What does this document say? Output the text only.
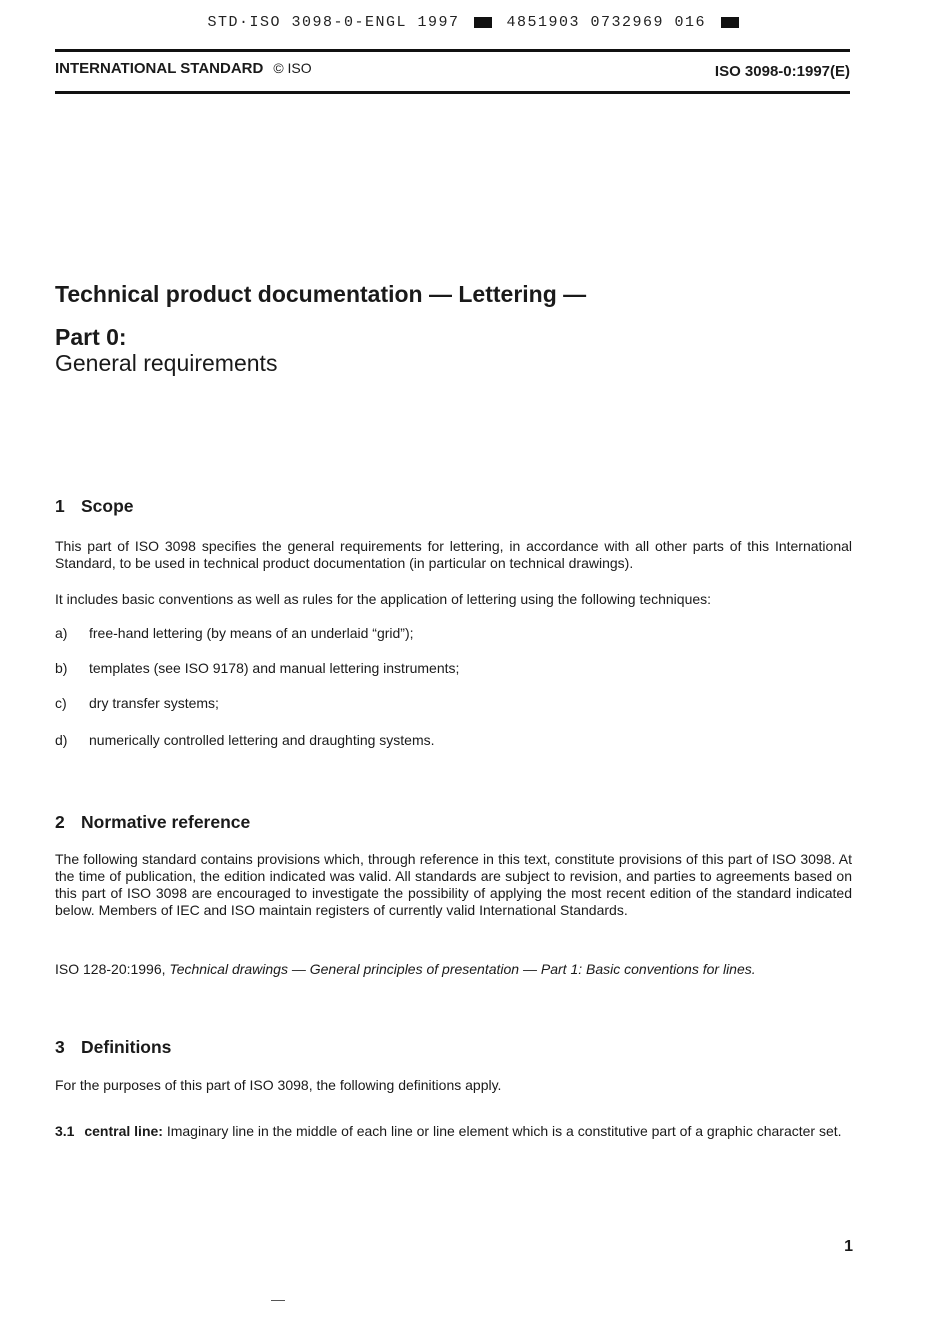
STD·ISO 3098-0-ENGL 1997	4851903 0732969 016
INTERNATIONAL STANDARD © ISO	ISO 3098-0:1997(E)
Technical product documentation — Lettering —
Part 0:
General requirements
1 Scope
This part of ISO 3098 specifies the general requirements for lettering, in accordance with all other parts of this International Standard, to be used in technical product documentation (in particular on technical drawings).
It includes basic conventions as well as rules for the application of lettering using the following techniques:
a) free-hand lettering (by means of an underlaid “grid”);
b) templates (see ISO 9178) and manual lettering instruments;
c) dry transfer systems;
d) numerically controlled lettering and draughting systems.
2 Normative reference
The following standard contains provisions which, through reference in this text, constitute provisions of this part of ISO 3098. At the time of publication, the edition indicated was valid. All standards are subject to revision, and parties to agreements based on this part of ISO 3098 are encouraged to investigate the possibility of applying the most recent edition of the standard indicated below. Members of IEC and ISO maintain registers of currently valid International Standards.
ISO 128-20:1996, Technical drawings — General principles of presentation — Part 1: Basic conventions for lines.
3 Definitions
For the purposes of this part of ISO 3098, the following definitions apply.
3.1 central line: Imaginary line in the middle of each line or line element which is a constitutive part of a graphic character set.
1
